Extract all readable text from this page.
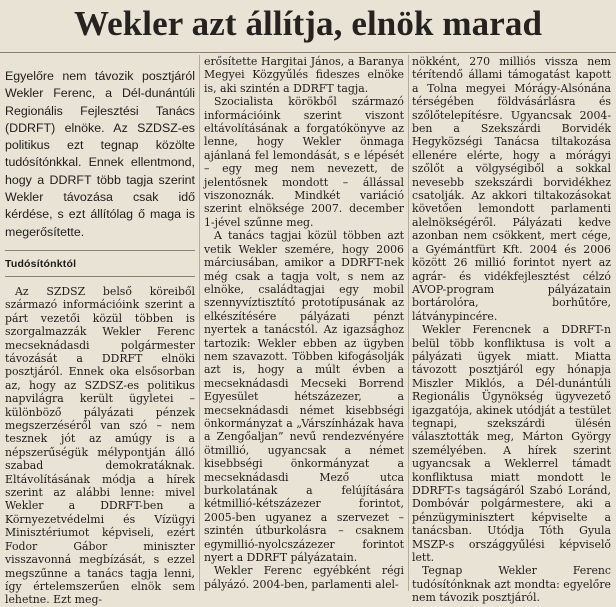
Wekler azt állítja, elnök marad

Egyelőre nem távozik posztjáról Wekler Ferenc, a Dél-dunántúli Regionális Fejlesztési Tanács (DDRFT) elnöke. Az SZDSZ-es politikus ezt tegnap közölte tudósítónkkal. Ennek ellentmond, hogy a DDRFT több tagja szerint Wekler távozása csak idő kérdése, s ezt állítólag ő maga is megerősítette.

Tudósítónktól

Az SZDSZ belső köreiből származó információink szerint a párt vezetői közül többen is szorgalmazzák Wekler Ferenc mecseknádasdi polgármester távozását a DDRFT elnöki posztjáról. Ennek oka elsősorban az, hogy az SZDSZ-es politikus napvilágra került ügyletei – különböző pályázati pénzek megszerzéséről van szó – nem tesznek jót az amúgy is a népszerűségük mélypontján álló szabad demokratáknak. Eltávolításának módja a hírek szerint az alábbi lenne: mivel Wekler a DDRFT-ben a Környezetvédelmi és Vízügyi Minisztériumot képviseli, ezért Fodor Gábor miniszter visszavonná megbízását, s ezzel megszűnne a tanács tagja lenni, így értelemszerűen elnök sem lehetne. Ezt meg-

erősítette Hargitai János, a Baranya Megyei Közgyűlés fideszes elnöke is, aki szintén a DDRFT tagja.

Szocialista körökből származó információink szerint viszont eltávolításának a forgatókönyve az lenne, hogy Wekler önmaga ajánlaná fel lemondását, s e lépését – egy meg nem nevezett, de jelentősnek mondott – állással viszonoznák. Mindkét variáció szerint elnöksége 2007. december 1-jével szűnne meg.

A tanács tagjai közül többen azt vetik Wekler szemére, hogy 2006 márciusában, amikor a DDRFT-nek még csak a tagja volt, s nem az elnöke, családtagjai egy mobil szennyvíztisztító prototípusának az elkészítésére pályázati pénzt nyertek a tanácstól. Az igazsághoz tartozik: Wekler ebben az ügyben nem szavazott. Többen kifogásolják azt is, hogy a múlt évben a mecseknádasdi Mecseki Borrend Egyesület hétszázezer, a mecseknádasdi német kisebbségi önkormányzat a „Várszínházak hava a Zengőaljan” nevű rendezvényére ötmillió, ugyancsak a német kisebbségi önkormányzat a mecseknádasdi Mező utca burkolatának a felújítására kétmillió-kétszázezer forintot, 2005-ben ugyanez a szervezet – szintén útburkolásra – csaknem egymillió-nyolcszázezer forintot nyert a DDRFT pályázatain.

Wekler Ferenc egyébként régi pályázó. 2004-ben, parlamenti alel-

nökként, 270 milliós vissza nem térítendő állami támogatást kapott a Tolna megyei Mórágy-Alsónána térségében földvásárlásra és szőlőtelepítésre. Ugyancsak 2004-ben a Szekszárdi Borvidék Hegyközségi Tanácsa tiltakozása ellenére elérte, hogy a mórágyi szőlőt a völgységiből a sokkal nevesebb szekszárdi borvidékhez csatolják. Az akkori tiltakozásokat követően lemondott parlamenti alelnökségéről. Pályázati kedve azonban nem csökkent, mert cége, a Gyémántfürt Kft. 2004 és 2006 között 26 millió forintot nyert az agrár- és vidékfejlesztést célzó AVOP-program pályázatain bortárolóra, borhűtőre, látványpincére.

Wekler Ferencnek a DDRFT-n belül több konfliktusa is volt a pályázati ügyek miatt. Miatta távozott posztjáról egy hónapja Miszler Miklós, a Dél-dunántúli Regionális Ügynökség ügyvezető igazgatója, akinek utódját a testület tegnapi, szekszárdi ülésén választották meg, Márton György személyében. A hírek szerint ugyancsak a Weklerrel támadt konfliktusa miatt mondott le DDRFT-s tagságáról Szabó Loránd, Dombóvár polgármestere, aki a pénzügyminisztert képviselte a tanácsban. Utódja Tóth Gyula MSZP-s országgyűlési képviselő lett.

Tegnap Wekler Ferenc tudósítónknak azt mondta: egyelőre nem távozik posztjáról.
